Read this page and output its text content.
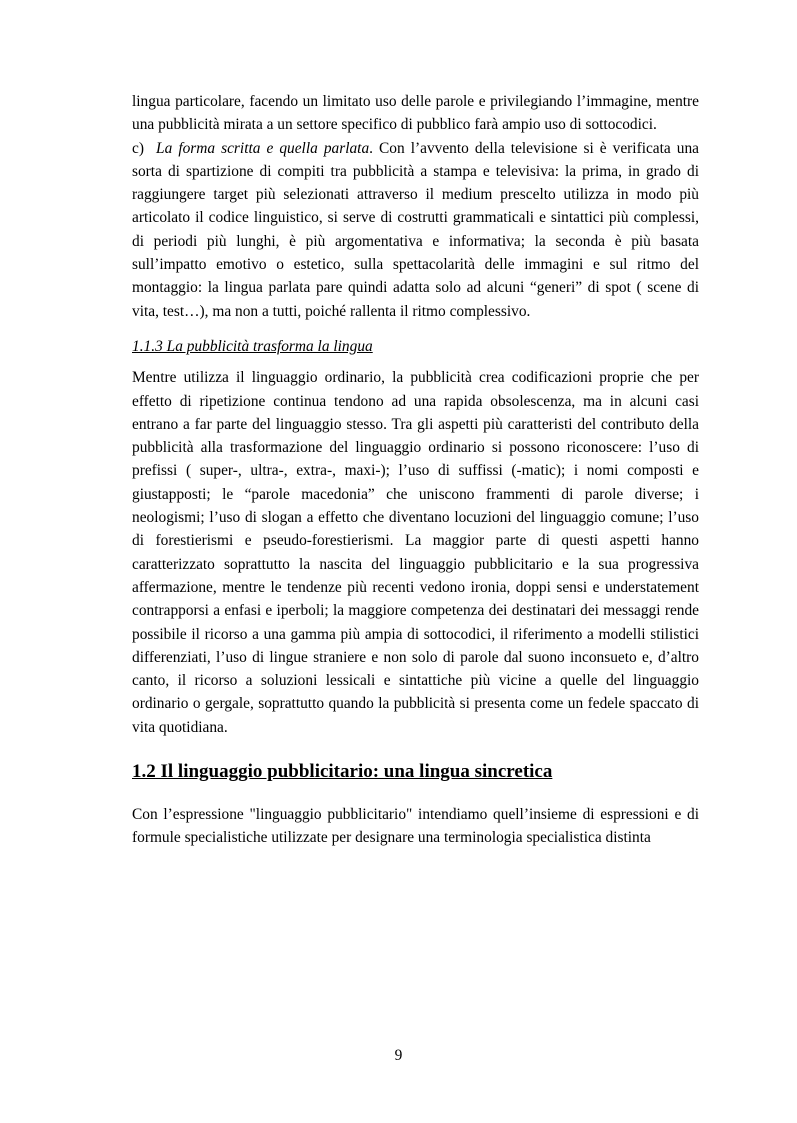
lingua particolare, facendo un limitato uso delle parole e privilegiando l’immagine, mentre una pubblicità mirata a un settore specifico di pubblico farà ampio uso di sottocodici.

c) La forma scritta e quella parlata. Con l’avvento della televisione si è verificata una sorta di spartizione di compiti tra pubblicità a stampa e televisiva: la prima, in grado di raggiungere target più selezionati attraverso il medium prescelto utilizza in modo più articolato il codice linguistico, si serve di costrutti grammaticali e sintattici più complessi, di periodi più lunghi, è più argomentativa e informativa; la seconda è più basata sull’impatto emotivo o estetico, sulla spettacolarità delle immagini e sul ritmo del montaggio: la lingua parlata pare quindi adatta solo ad alcuni “generi” di spot ( scene di vita, test…), ma non a tutti, poiché rallenta il ritmo complessivo.

1.1.3 La pubblicità trasforma la lingua

Mentre utilizza il linguaggio ordinario, la pubblicità crea codificazioni proprie che per effetto di ripetizione continua tendono ad una rapida obsolescenza, ma in alcuni casi entrano a far parte del linguaggio stesso. Tra gli aspetti più caratteristi del contributo della pubblicità alla trasformazione del linguaggio ordinario si possono riconoscere: l’uso di prefissi ( super-, ultra-, extra-, maxi-); l’uso di suffissi (-matic); i nomi composti e giustapposti; le “parole macedonia” che uniscono frammenti di parole diverse; i neologismi; l’uso di slogan a effetto che diventano locuzioni del linguaggio comune; l’uso di forestierismi e pseudo-forestierismi. La maggior parte di questi aspetti hanno caratterizzato soprattutto la nascita del linguaggio pubblicitario e la sua progressiva affermazione, mentre le tendenze più recenti vedono ironia, doppi sensi e understatement contrapporsi a enfasi e iperboli; la maggiore competenza dei destinatari dei messaggi rende possibile il ricorso a una gamma più ampia di sottocodici, il riferimento a modelli stilistici differenziati, l’uso di lingue straniere e non solo di parole dal suono inconsueto e, d’altro canto, il ricorso a soluzioni lessicali e sintattiche più vicine a quelle del linguaggio ordinario o gergale, soprattutto quando la pubblicità si presenta come un fedele spaccato di vita quotidiana.

1.2 Il linguaggio pubblicitario: una lingua sincretica

Con l’espressione "linguaggio pubblicitario" intendiamo quell’insieme di espressioni e di formule specialistiche utilizzate per designare una terminologia specialistica distinta

9
